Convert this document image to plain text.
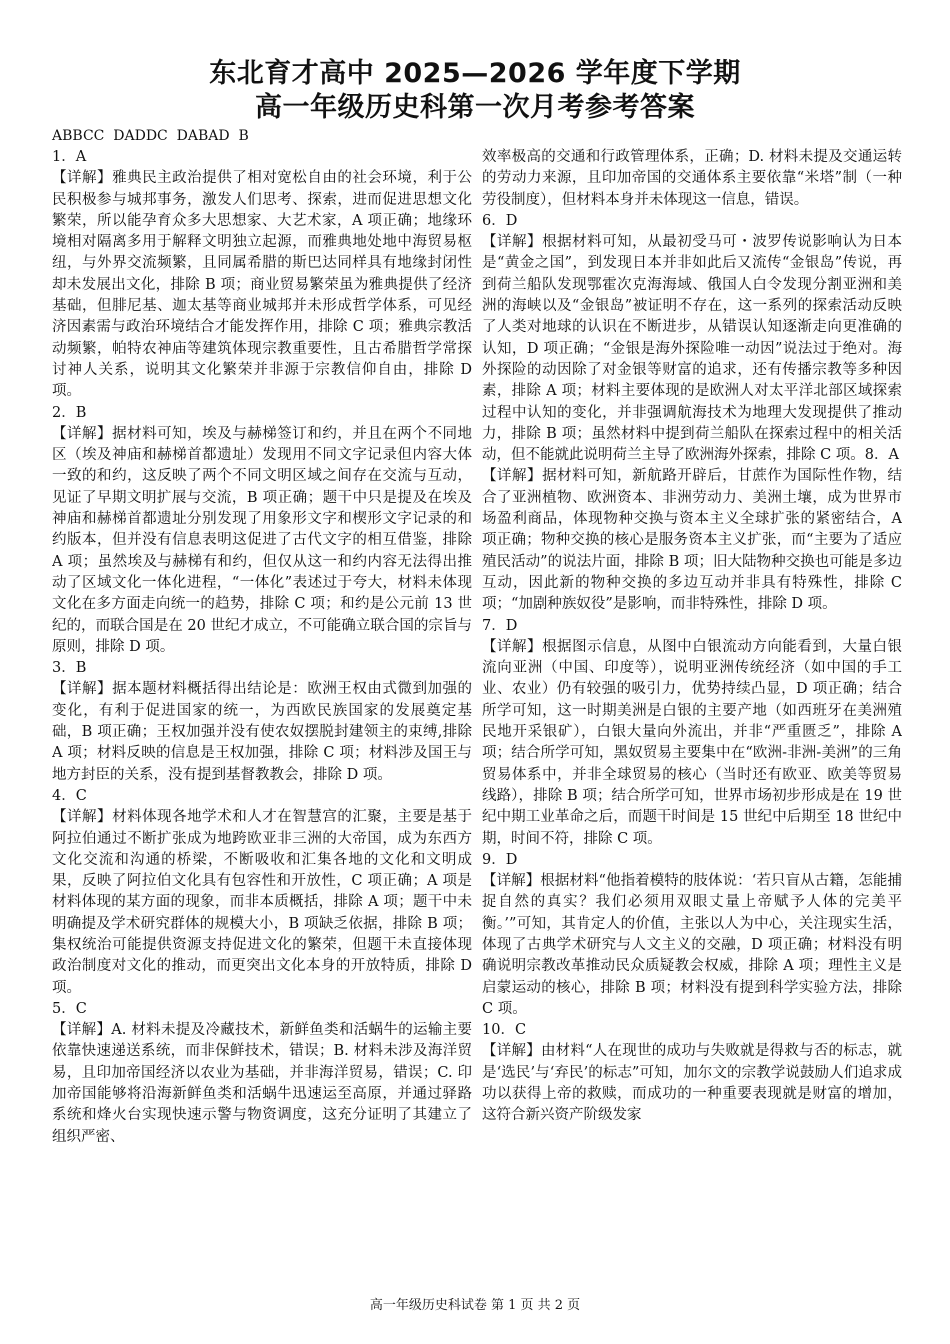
东北育才高中 2025—2026 学年度下学期
高一年级历史科第一次月考参考答案
ABBCC  DADDC  DABAD  B

1．A
【详解】雅典民主政治提供了相对宽松自由的社会环境，利于公民积极参与城邦事务，激发人们思考、探索，进而促进思想文化繁荣，所以能孕育众多大思想家、大艺术家，A 项正确；地缘环境相对隔离多用于解释文明独立起源，而雅典地处地中海贸易枢纽，与外界交流频繁，且同属希腊的斯巴达同样具有地缘封闭性却未发展出文化，排除 B 项；商业贸易繁荣虽为雅典提供了经济基础，但腓尼基、迦太基等商业城邦并未形成哲学体系，可见经济因素需与政治环境结合才能发挥作用，排除 C 项；雅典宗教活动频繁，帕特农神庙等建筑体现宗教重要性，且古希腊哲学常探讨神人关系，说明其文化繁荣并非源于宗教信仰自由，排除 D 项。

2．B
【详解】据材料可知，埃及与赫梯签订和约，并且在两个不同地区（埃及神庙和赫梯首都遗址）发现用不同文字记录但内容大体一致的和约，这反映了两个不同文明区域之间存在交流与互动，见证了早期文明扩展与交流，B 项正确；题干中只是提及在埃及神庙和赫梯首都遗址分别发现了用象形文字和楔形文字记录的和约版本，但并没有信息表明这促进了古代文字的相互借鉴，排除 A 项；虽然埃及与赫梯有和约，但仅从这一和约内容无法得出推动了区域文化一体化进程，“一体化”表述过于夸大，材料未体现文化在多方面走向统一的趋势，排除 C 项；和约是公元前 13 世纪的，而联合国是在 20 世纪才成立，不可能确立联合国的宗旨与原则，排除 D 项。

3．B
【详解】据本题材料概括得出结论是：欧洲王权由式微到加强的变化，有利于促进国家的统一，为西欧民族国家的发展奠定基础，B 项正确；王权加强并没有使农奴摆脱封建领主的束缚,排除 A 项；材料反映的信息是王权加强，排除 C 项；材料涉及国王与地方封臣的关系，没有提到基督教教会，排除 D 项。

4．C
【详解】材料体现各地学术和人才在智慧宫的汇聚，主要是基于阿拉伯通过不断扩张成为地跨欧亚非三洲的大帝国，成为东西方文化交流和沟通的桥梁，不断吸收和汇集各地的文化和文明成果，反映了阿拉伯文化具有包容性和开放性，C 项正确；A 项是材料体现的某方面的现象，而非本质概括，排除 A 项；题干中未明确提及学术研究群体的规模大小，B 项缺乏依据，排除 B 项；集权统治可能提供资源支持促进文化的繁荣，但题干未直接体现政治制度对文化的推动，而更突出文化本身的开放特质，排除 D 项。

5．C
【详解】A. 材料未提及冷藏技术，新鲜鱼类和活蜗牛的运输主要依靠快速递送系统，而非保鲜技术，错误；B. 材料未涉及海洋贸易，且印加帝国经济以农业为基础，并非海洋贸易，错误；C. 印加帝国能够将沿海新鲜鱼类和活蜗牛迅速运至高原，并通过驿路系统和烽火台实现快速示警与物资调度，这充分证明了其建立了组织严密、

效率极高的交通和行政管理体系，正确；D. 材料未提及交通运转的劳动力来源，且印加帝国的交通体系主要依靠“米塔”制（一种劳役制度），但材料本身并未体现这一信息，错误。

6．D
【详解】根据材料可知，从最初受马可・波罗传说影响认为日本是“黄金之国”，到发现日本并非如此后又流传“金银岛”传说，再到荷兰船队发现鄂霍次克海海域、俄国人白令发现分割亚洲和美洲的海峡以及“金银岛”被证明不存在，这一系列的探索活动反映了人类对地球的认识在不断进步，从错误认知逐渐走向更准确的认知，D 项正确；“金银是海外探险唯一动因”说法过于绝对。海外探险的动因除了对金银等财富的追求，还有传播宗教等多种因素，排除 A 项；材料主要体现的是欧洲人对太平洋北部区域探索过程中认知的变化，并非强调航海技术为地理大发现提供了推动力，排除 B 项；虽然材料中提到荷兰船队在探索过程中的相关活动，但不能就此说明荷兰主导了欧洲海外探索，排除 C 项。8．A

【详解】据材料可知，新航路开辟后，甘蔗作为国际性作物，结合了亚洲植物、欧洲资本、非洲劳动力、美洲土壤，成为世界市场盈利商品，体现物种交换与资本主义全球扩张的紧密结合，A 项正确；物种交换的核心是服务资本主义扩张，而“主要为了适应殖民活动”的说法片面，排除 B 项；旧大陆物种交换也可能是多边互动，因此新的物种交换的多边互动并非具有特殊性，排除 C 项；“加剧种族奴役”是影响，而非特殊性，排除 D 项。

7．D
【详解】根据图示信息，从图中白银流动方向能看到，大量白银流向亚洲（中国、印度等），说明亚洲传统经济（如中国的手工业、农业）仍有较强的吸引力，优势持续凸显，D 项正确；结合所学可知，这一时期美洲是白银的主要产地（如西班牙在美洲殖民地开采银矿），白银大量向外流出，并非“严重匮乏”，排除 A 项；结合所学可知，黑奴贸易主要集中在“欧洲-非洲-美洲”的三角贸易体系中，并非全球贸易的核心（当时还有欧亚、欧美等贸易线路），排除 B 项；结合所学可知，世界市场初步形成是在 19 世纪中期工业革命之后，而题干时间是 15 世纪中后期至 18 世纪中期，时间不符，排除 C 项。

9．D
【详解】根据材料“他指着模特的肢体说：‘若只盲从古籍，怎能捕捉自然的真实？我们必须用双眼丈量上帝赋予人体的完美平衡。’”可知，其肯定人的价值，主张以人为中心，关注现实生活，体现了古典学术研究与人文主义的交融，D 项正确；材料没有明确说明宗教改革推动民众质疑教会权威，排除 A 项；理性主义是启蒙运动的核心，排除 B 项；材料没有提到科学实验方法，排除 C 项。

10．C
【详解】由材料“人在现世的成功与失败就是得救与否的标志，就是‘选民’与‘弃民’的标志”可知，加尔文的宗教学说鼓励人们追求成功以获得上帝的救赎，而成功的一种重要表现就是财富的增加，这符合新兴资产阶级发家

高一年级历史科试卷 第 1 页 共 2 页
